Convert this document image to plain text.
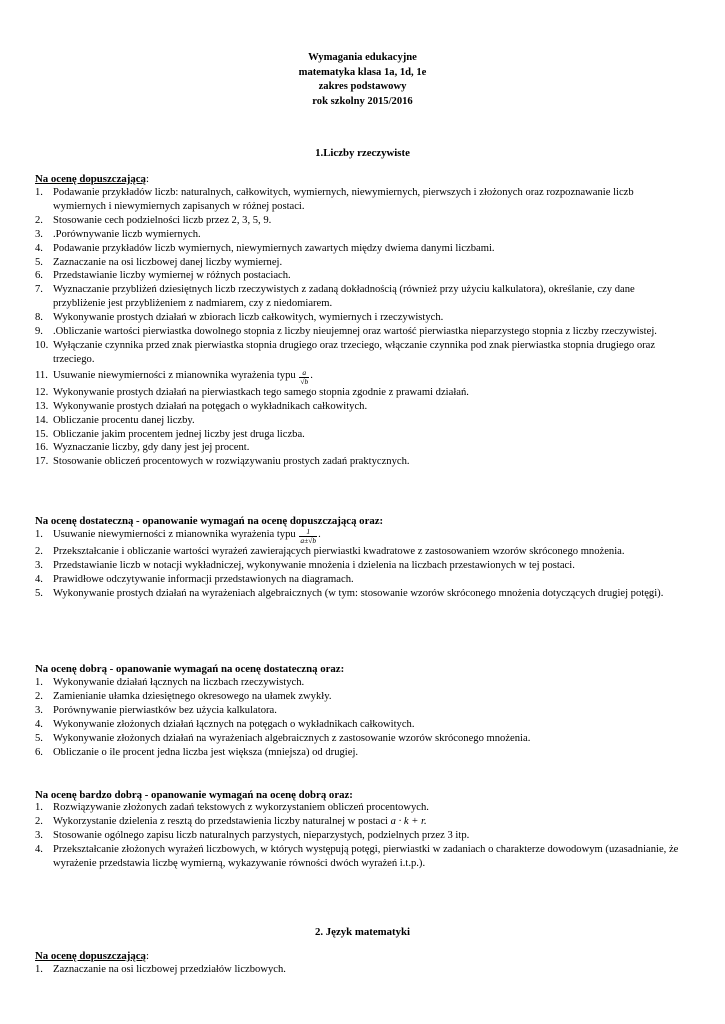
Wymagania edukacyjne
matematyka klasa 1a, 1d, 1e
zakres podstawowy
rok szkolny 2015/2016
1.Liczby rzeczywiste
Na ocenę dopuszczającą:
1. Podawanie przykładów liczb: naturalnych, całkowitych, wymiernych, niewymiernych, pierwszych i złożonych oraz rozpoznawanie liczb wymiernych i niewymiernych zapisanych w różnej postaci.
2. Stosowanie cech podzielności liczb przez 2, 3, 5, 9.
3. .Porównywanie liczb wymiernych.
4. Podawanie przykładów liczb wymiernych, niewymiernych zawartych między dwiema danymi liczbami.
5. Zaznaczanie na osi liczbowej danej liczby wymiernej.
6. Przedstawianie liczby wymiernej w różnych postaciach.
7. Wyznaczanie przybliżeń dziesiętnych liczb rzeczywistych z zadaną dokładnością (również przy użyciu kalkulatora), określanie, czy dane przybliżenie jest przybliżeniem z nadmiarem, czy z niedomiarem.
8. Wykonywanie prostych działań w zbiorach liczb całkowitych, wymiernych i rzeczywistych.
9. .Obliczanie wartości pierwiastka dowolnego stopnia z liczby nieujemnej oraz wartość pierwiastka nieparzystego stopnia z liczby rzeczywistej.
10. Wyłączanie czynnika przed znak pierwiastka stopnia drugiego oraz trzeciego, włączanie czynnika pod znak pierwiastka stopnia drugiego oraz trzeciego.
11. Usuwanie niewymierności z mianownika wyrażenia typu $\frac{a}{√b}$ .
12. Wykonywanie prostych działań na pierwiastkach tego samego stopnia zgodnie z prawami działań.
13. Wykonywanie prostych działań na potęgach o wykładnikach całkowitych.
14. Obliczanie procentu danej liczby.
15. Obliczanie jakim procentem jednej liczby jest druga liczba.
16. Wyznaczanie liczby, gdy dany jest jej procent.
17. Stosowanie obliczeń procentowych w rozwiązywaniu prostych zadań praktycznych.
Na ocenę dostateczną - opanowanie wymagań na ocenę dopuszczającą oraz:
1. Usuwanie niewymierności z mianownika wyrażenia typu $\frac{1}{a\pm√b}$ .
2. Przekształcanie i obliczanie wartości wyrażeń zawierających pierwiastki kwadratowe z zastosowaniem wzorów skróconego mnożenia.
3. Przedstawianie liczb w notacji wykładniczej, wykonywanie mnożenia i dzielenia na liczbach przestawionych w tej postaci.
4. Prawidłowe odczytywanie informacji przedstawionych na diagramach.
5. Wykonywanie prostych działań na wyrażeniach algebraicznych (w tym: stosowanie wzorów skróconego mnożenia dotyczących drugiej potęgi).
Na ocenę dobrą - opanowanie wymagań na ocenę dostateczną oraz:
1. Wykonywanie działań łącznych na liczbach rzeczywistych.
2. Zamienianie ułamka dziesiętnego okresowego na ułamek zwykły.
3. Porównywanie pierwiastków bez użycia kalkulatora.
4. Wykonywanie złożonych działań łącznych na potęgach o wykładnikach całkowitych.
5. Wykonywanie złożonych działań na wyrażeniach algebraicznych z zastosowanie wzorów skróconego mnożenia.
6. Obliczanie o ile procent jedna liczba jest większa (mniejsza) od drugiej.
Na ocenę bardzo dobrą - opanowanie wymagań na ocenę dobrą oraz:
1. Rozwiązywanie złożonych zadań tekstowych z wykorzystaniem obliczeń procentowych.
2. Wykorzystanie dzielenia z resztą do przedstawienia liczby naturalnej w postaci a · k + r.
3. Stosowanie ogólnego zapisu liczb naturalnych parzystych, nieparzystych, podzielnych przez 3 itp.
4. Przekształcanie złożonych wyrażeń liczbowych, w których występują potęgi, pierwiastki w zadaniach o charakterze dowodowym (uzasadnianie, że wyrażenie przedstawia liczbę wymierną, wykazywanie równości dwóch wyrażeń i.t.p.).
2. Język matematyki
Na ocenę dopuszczającą:
1. Zaznaczanie na osi liczbowej przedziałów liczbowych.
